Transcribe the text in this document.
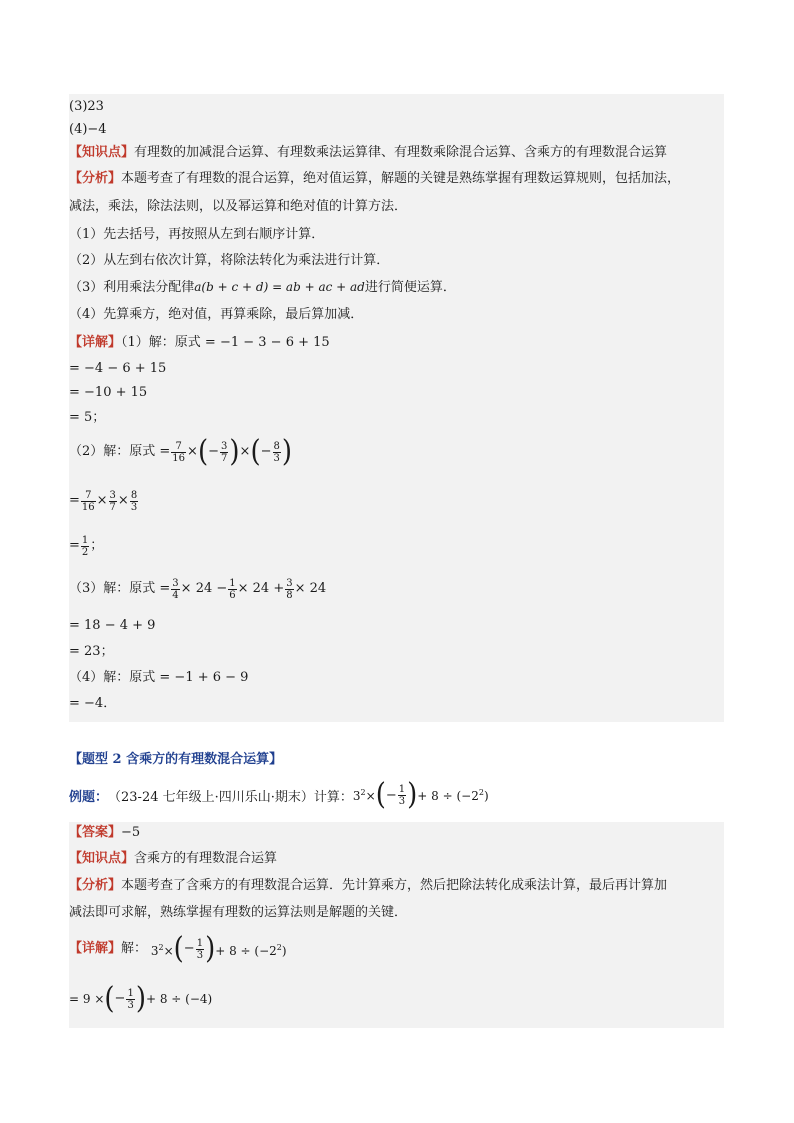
(3)23
(4)−4
【知识点】有理数的加减混合运算、有理数乘法运算律、有理数乘除混合运算、含乘方的有理数混合运算
【分析】本题考查了有理数的混合运算，绝对值运算，解题的关键是熟练掌握有理数运算规则，包括加法，
减法，乘法，除法法则，以及幂运算和绝对值的计算方法．
（1）先去括号，再按照从左到右顺序计算．
（2）从左到右依次计算，将除法转化为乘法进行计算．
（3）利用乘法分配律a(b + c + d) = ab + ac + ad进行简便运算．
（4）先算乘方，绝对值，再算乘除，最后算加减．
【详解】（1）解：原式 = −1 − 3 − 6 + 15
= −4 − 6 + 15
= −10 + 15
= 5；
（2）解：原式 = $\frac{7}{16}$ × ( − $\frac{3}{7}$ ) × ( − $\frac{8}{3}$ )
= $\frac{7}{16} \times \frac{3}{7} \times \frac{8}{3}$
= $\frac{1}{2}$ ；
（3）解：原式 = $\frac{3}{4} \times 24 - \frac{1}{6} \times 24 + \frac{3}{8} \times 24$
= 18 − 4 + 9
= 23；
（4）解：原式 = −1 + 6 − 9
= −4．
【题型 2 含乘方的有理数混合运算】
例题： （23-24 七年级上·四川乐山·期末）计算： $3^2\times$ ( − $\frac{1}{3}$ ) + $8 \div (-2^2)$
【答案】−5
【知识点】含乘方的有理数混合运算
【分析】本题考查了含乘方的有理数混合运算．先计算乘方，然后把除法转化成乘法计算，最后再计算加
减法即可求解，熟练掌握有理数的运算法则是解题的关键．
【详解】 解： $3^2\times$ ( − $\frac{1}{3}$ ) + $8 \div (-2^2)$
= 9 × ( − $\frac{1}{3}$ ) + 8 ÷ (−4)
